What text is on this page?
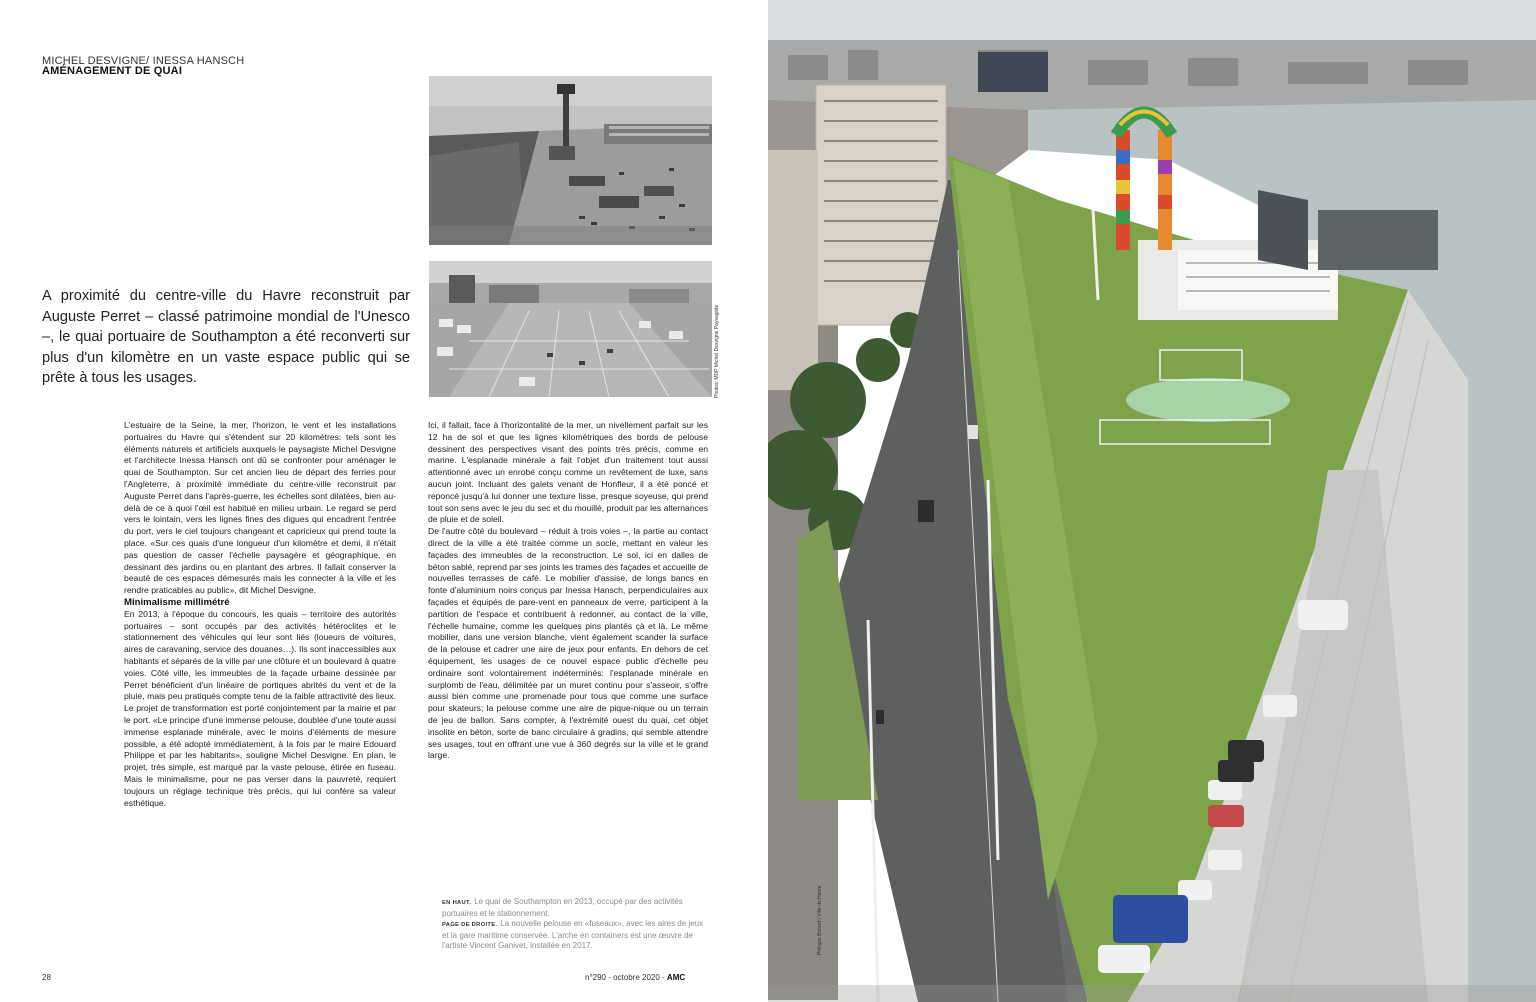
MICHEL DESVIGNE/ INESSA HANSCH
AMÉNAGEMENT DE QUAI
Photos: MDP Michel Desvigne Paysagiste
A proximité du centre-ville du Havre reconstruit par Auguste Perret – classé patrimoine mondial de l'Unesco –, le quai portuaire de Southampton a été reconverti sur plus d'un kilomètre en un vaste espace public qui se prête à tous les usages.

L'estuaire de la Seine, la mer, l'horizon, le vent et les installations portuaires du Havre qui s'étendent sur 20 kilomètres: tels sont les éléments naturels et artificiels auxquels le paysagiste Michel Desvigne et l'architecte Inessa Hansch ont dû se confronter pour aménager le quai de Southampton. Sur cet ancien lieu de départ des ferries pour l'Angleterre, à proximité immédiate du centre-ville reconstruit par Auguste Perret dans l'après-guerre, les échelles sont dilatées, bien au-delà de ce à quoi l'œil est habitué en milieu urbain. Le regard se perd vers le lointain, vers les lignes fines des digues qui encadrent l'entrée du port, vers le ciel toujours changeant et capricieux qui prend toute la place. «Sur ces quais d'une longueur d'un kilomètre et demi, il n'était pas question de casser l'échelle paysagère et géographique, en dessinant des jardins ou en plantant des arbres. Il fallait conserver la beauté de ces espaces démesurés mais les connecter à la ville et les rendre praticables au public», dit Michel Desvigne.

Minimalisme millimétré

En 2013, à l'époque du concours, les quais – territoire des autorités portuaires – sont occupés par des activités hétéroclites et le stationnement des véhicules qui leur sont liés (loueurs de voitures, aires de caravaning, service des douanes…). Ils sont inaccessibles aux habitants et séparés de la ville par une clôture et un boulevard à quatre voies. Côté ville, les immeubles de la façade urbaine dessinée par Perret bénéficient d'un linéaire de portiques abrités du vent et de la pluie, mais peu pratiqués compte tenu de la faible attractivité des lieux. Le projet de transformation est porté conjointement par la mairie et par le port. «Le principe d'une immense pelouse, doublée d'une toute aussi immense esplanade minérale, avec le moins d'éléments de mesure possible, a été adopté immédiatement, à la fois par le maire Edouard Philippe et par les habitants», souligne Michel Desvigne. En plan, le projet, très simple, est marqué par la vaste pelouse, étirée en fuseau. Mais le minimalisme, pour ne pas verser dans la pauvreté, requiert toujours un réglage technique très précis, qui lui confère sa valeur esthétique.

Ici, il fallait, face à l'horizontalité de la mer, un nivellement parfait sur les 12 ha de sol et que les lignes kilométriques des bords de pelouse dessinent des perspectives visant des points très précis, comme en marine. L'esplanade minérale a fait l'objet d'un traitement tout aussi attentionné avec un enrobé conçu comme un revêtement de luxe, sans aucun joint. Incluant des galets venant de Honfleur, il a été poncé et reponcé jusqu'à lui donner une texture lisse, presque soyeuse, qui prend tout son sens avec le jeu du sec et du mouillé, produit par les alternances de pluie et de soleil.

De l'autre côté du boulevard – réduit à trois voies –, la partie au contact direct de la ville a été traitée comme un socle, mettant en valeur les façades des immeubles de la reconstruction. Le sol, ici en dalles de béton sablé, reprend par ses joints les trames des façades et accueille de nouvelles terrasses de café. Le mobilier d'assise, de longs bancs en fonte d'aluminium noirs conçus par Inessa Hansch, perpendiculaires aux façades et équipés de pare-vent en panneaux de verre, participent à la partition de l'espace et contribuent à redonner, au contact de la ville, l'échelle humaine, comme les quelques pins plantés çà et là. Le même mobilier, dans une version blanche, vient également scander la surface de la pelouse et cadrer une aire de jeux pour enfants. En dehors de cet équipement, les usages de ce nouvel espace public d'échelle peu ordinaire sont volontairement indéterminés: l'esplanade minérale en surplomb de l'eau, délimitée par un muret continu pour s'asseoir, s'offre aussi bien comme une promenade pour tous que comme une surface pour skateurs; la pelouse comme une aire de pique-nique ou un terrain de jeu de ballon. Sans compter, à l'extrémité ouest du quai, cet objet insolite en béton, sorte de banc circulaire à gradins, qui semble attendre ses usages, tout en offrant une vue à 360 degrés sur la ville et le grand large.

EN HAUT. Le quai de Southampton en 2013, occupé par des activités portuaires et le stationnement.

PAGE DE DROITE. La nouvelle pelouse en «fuseaux», avec les aires de jeux et la gare maritime conservée. L'arche en containers est une œuvre de l'artiste Vincent Ganivet, installée en 2017.

28	n°290 - octobre 2020 - AMC
Philippe Bréard / Ville du Havre
